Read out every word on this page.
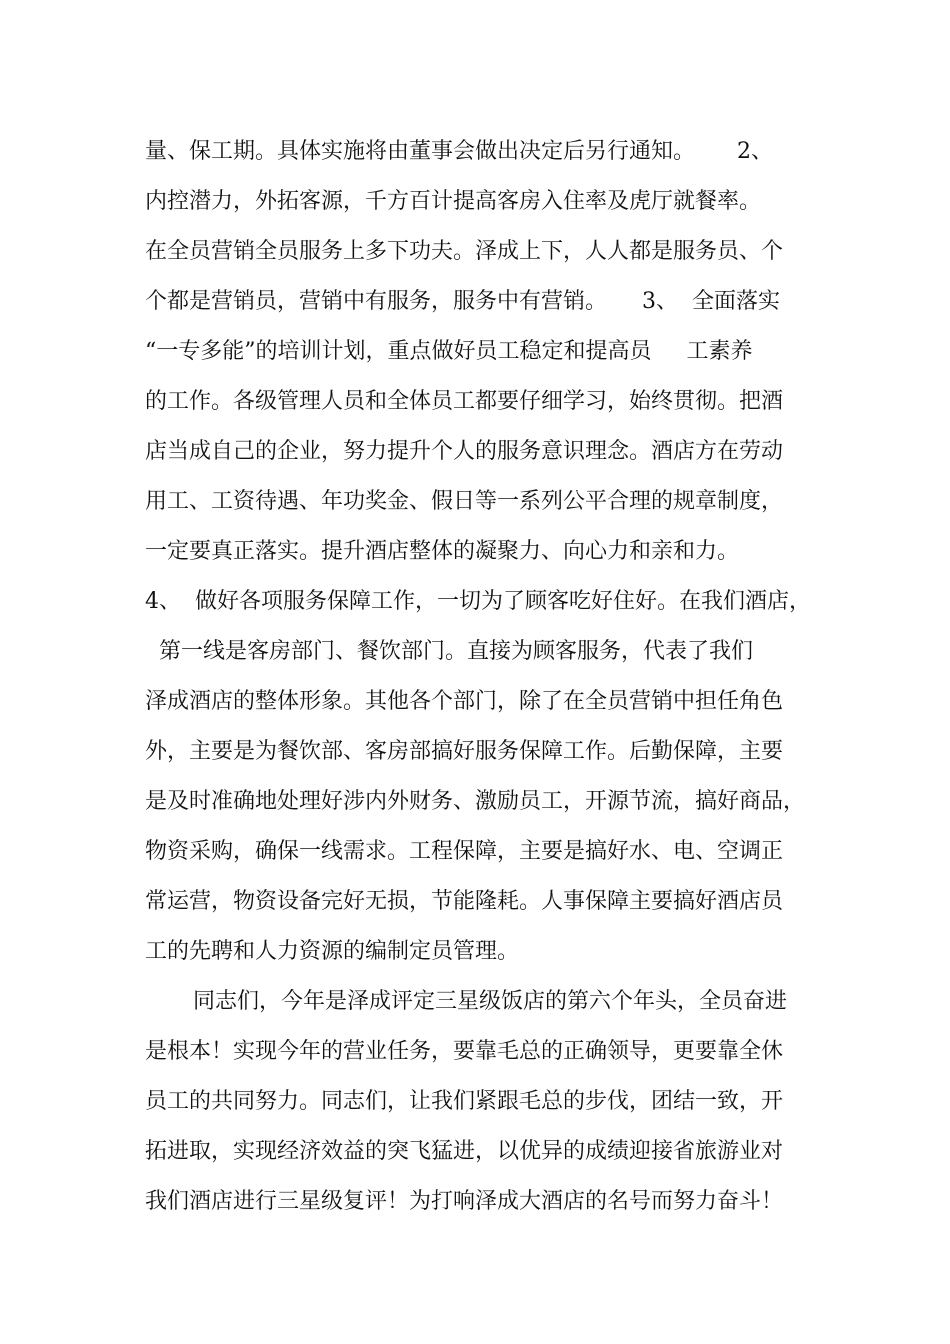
量、保工期。具体实施将由董事会做出决定后另行通知。      2、
内控潜力，外拓客源，千方百计提高客房入住率及虎厅就餐率。
在全员营销全员服务上多下功夫。泽成上下，人人都是服务员、个
个都是营销员，营销中有服务，服务中有营销。     3、  全面落实
“一专多能”的培训计划，重点做好员工稳定和提高员     工素养
的工作。各级管理人员和全体员工都要仔细学习，始终贯彻。把酒
店当成自己的企业，努力提升个人的服务意识理念。酒店方在劳动
用工、工资待遇、年功奖金、假日等一系列公平合理的规章制度，
一定要真正落实。提升酒店整体的凝聚力、向心力和亲和力。
4、  做好各项服务保障工作，一切为了顾客吃好住好。在我们酒店，
第一线是客房部门、餐饮部门。直接为顾客服务，代表了我们
泽成酒店的整体形象。其他各个部门，除了在全员营销中担任角色
外，主要是为餐饮部、客房部搞好服务保障工作。后勤保障，主要
是及时准确地处理好涉内外财务、激励员工，开源节流，搞好商品，
物资采购，确保一线需求。工程保障，主要是搞好水、电、空调正
常运营，物资设备完好无损，节能隆耗。人事保障主要搞好酒店员
工的先聘和人力资源的编制定员管理。
同志们，今年是泽成评定三星级饭店的第六个年头，全员奋进
是根本！实现今年的营业任务，要靠毛总的正确领导，更要靠全休
员工的共同努力。同志们，让我们紧跟毛总的步伐，团结一致，开
拓进取，实现经济效益的突飞猛进，以优异的成绩迎接省旅游业对
我们酒店进行三星级复评！为打响泽成大酒店的名号而努力奋斗！
